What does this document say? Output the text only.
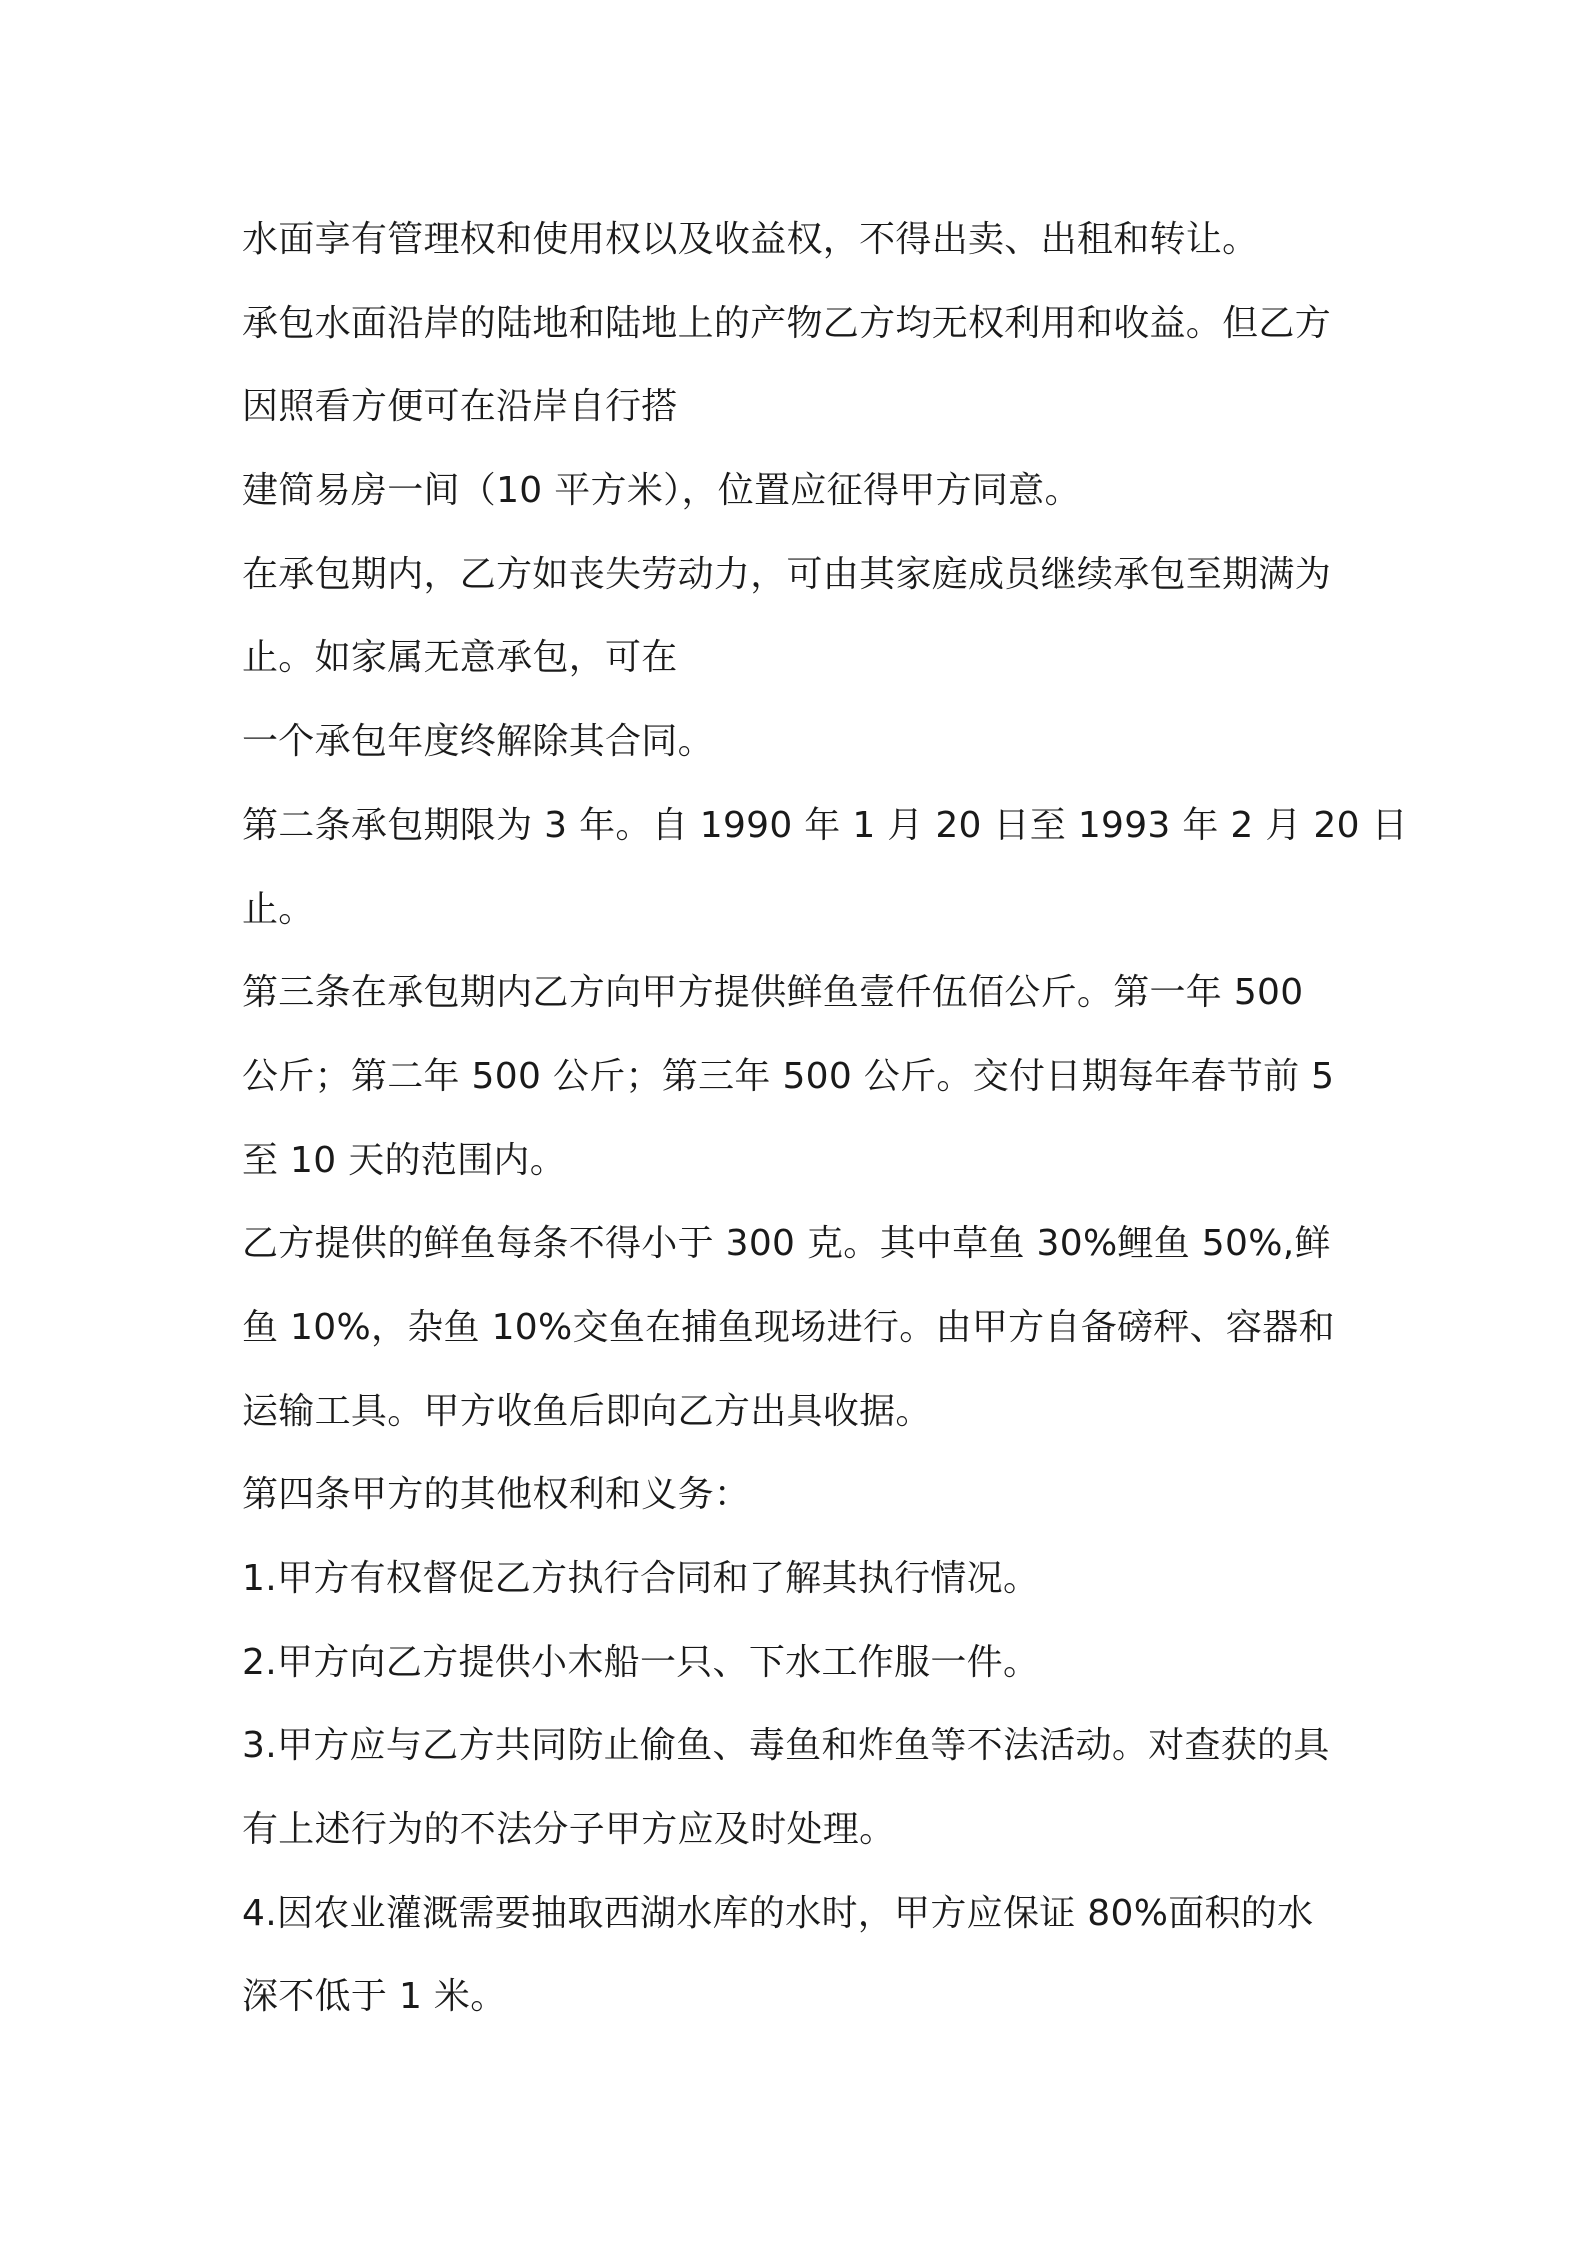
水面享有管理权和使用权以及收益权，不得出卖、出租和转让。
承包水面沿岸的陆地和陆地上的产物乙方均无权利用和收益。但乙方
因照看方便可在沿岸自行搭
建简易房一间（10 平方米），位置应征得甲方同意。
在承包期内，乙方如丧失劳动力，可由其家庭成员继续承包至期满为
止。如家属无意承包，可在
一个承包年度终解除其合同。
第二条承包期限为 3 年。自 1990 年 1 月 20 日至 1993 年 2 月 20 日
止。
第三条在承包期内乙方向甲方提供鲜鱼壹仟伍佰公斤。第一年 500
公斤；第二年 500 公斤；第三年 500 公斤。交付日期每年春节前 5
至 10 天的范围内。
乙方提供的鲜鱼每条不得小于 300 克。其中草鱼 30%鲤鱼 50%,鲜
鱼 10%，杂鱼 10%交鱼在捕鱼现场进行。由甲方自备磅秤、容器和
运输工具。甲方收鱼后即向乙方出具收据。
第四条甲方的其他权利和义务：
1.甲方有权督促乙方执行合同和了解其执行情况。
2.甲方向乙方提供小木船一只、下水工作服一件。
3.甲方应与乙方共同防止偷鱼、毒鱼和炸鱼等不法活动。对查获的具
有上述行为的不法分子甲方应及时处理。
4.因农业灌溉需要抽取西湖水库的水时，甲方应保证 80%面积的水
深不低于 1 米。
